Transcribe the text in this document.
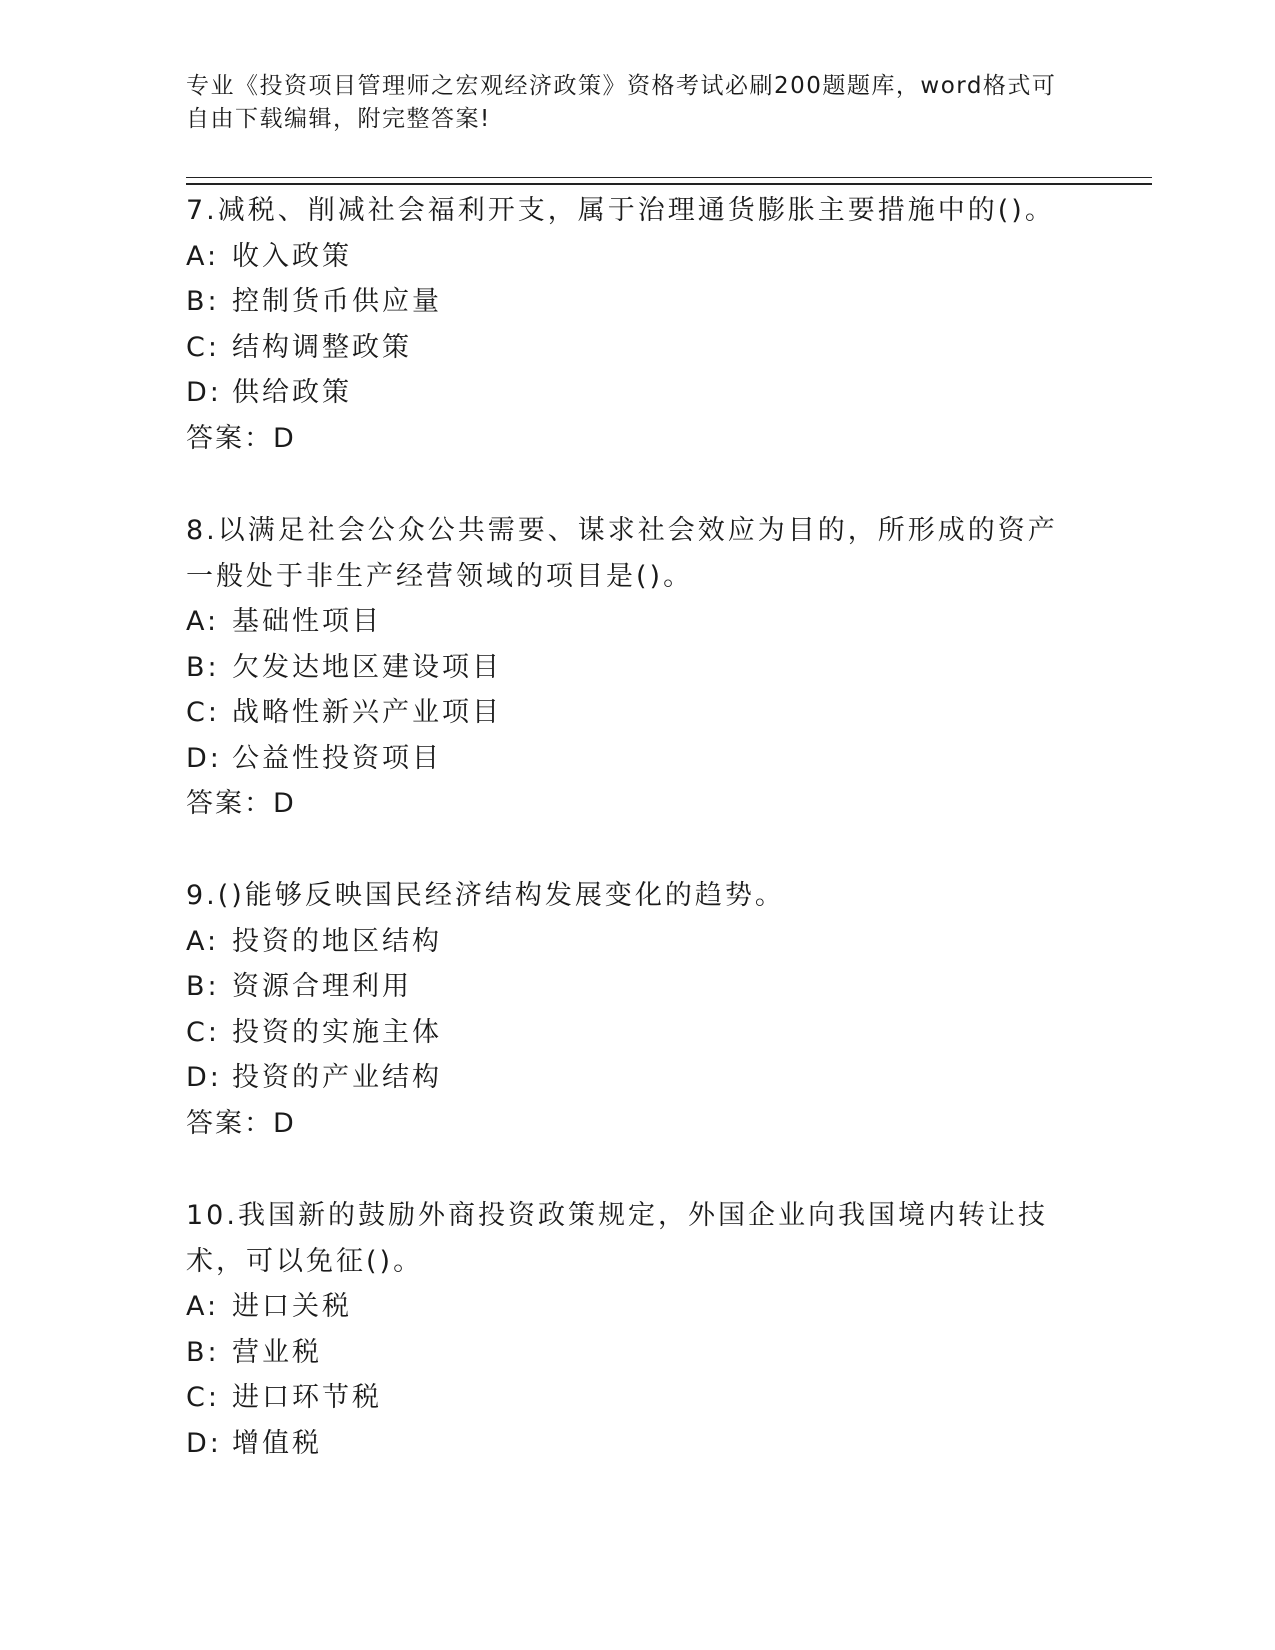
专业《投资项目管理师之宏观经济政策》资格考试必刷200题题库，word格式可
自由下载编辑，附完整答案!
7.减税、削减社会福利开支，属于治理通货膨胀主要措施中的()。
A: 收入政策
B: 控制货币供应量
C: 结构调整政策
D: 供给政策
答案：D
8.以满足社会公众公共需要、谋求社会效应为目的，所形成的资产一般处于非生产经营领域的项目是()。
A: 基础性项目
B: 欠发达地区建设项目
C: 战略性新兴产业项目
D: 公益性投资项目
答案：D
9.()能够反映国民经济结构发展变化的趋势。
A: 投资的地区结构
B: 资源合理利用
C: 投资的实施主体
D: 投资的产业结构
答案：D
10.我国新的鼓励外商投资政策规定，外国企业向我国境内转让技术，可以免征()。
A: 进口关税
B: 营业税
C: 进口环节税
D: 增值税
